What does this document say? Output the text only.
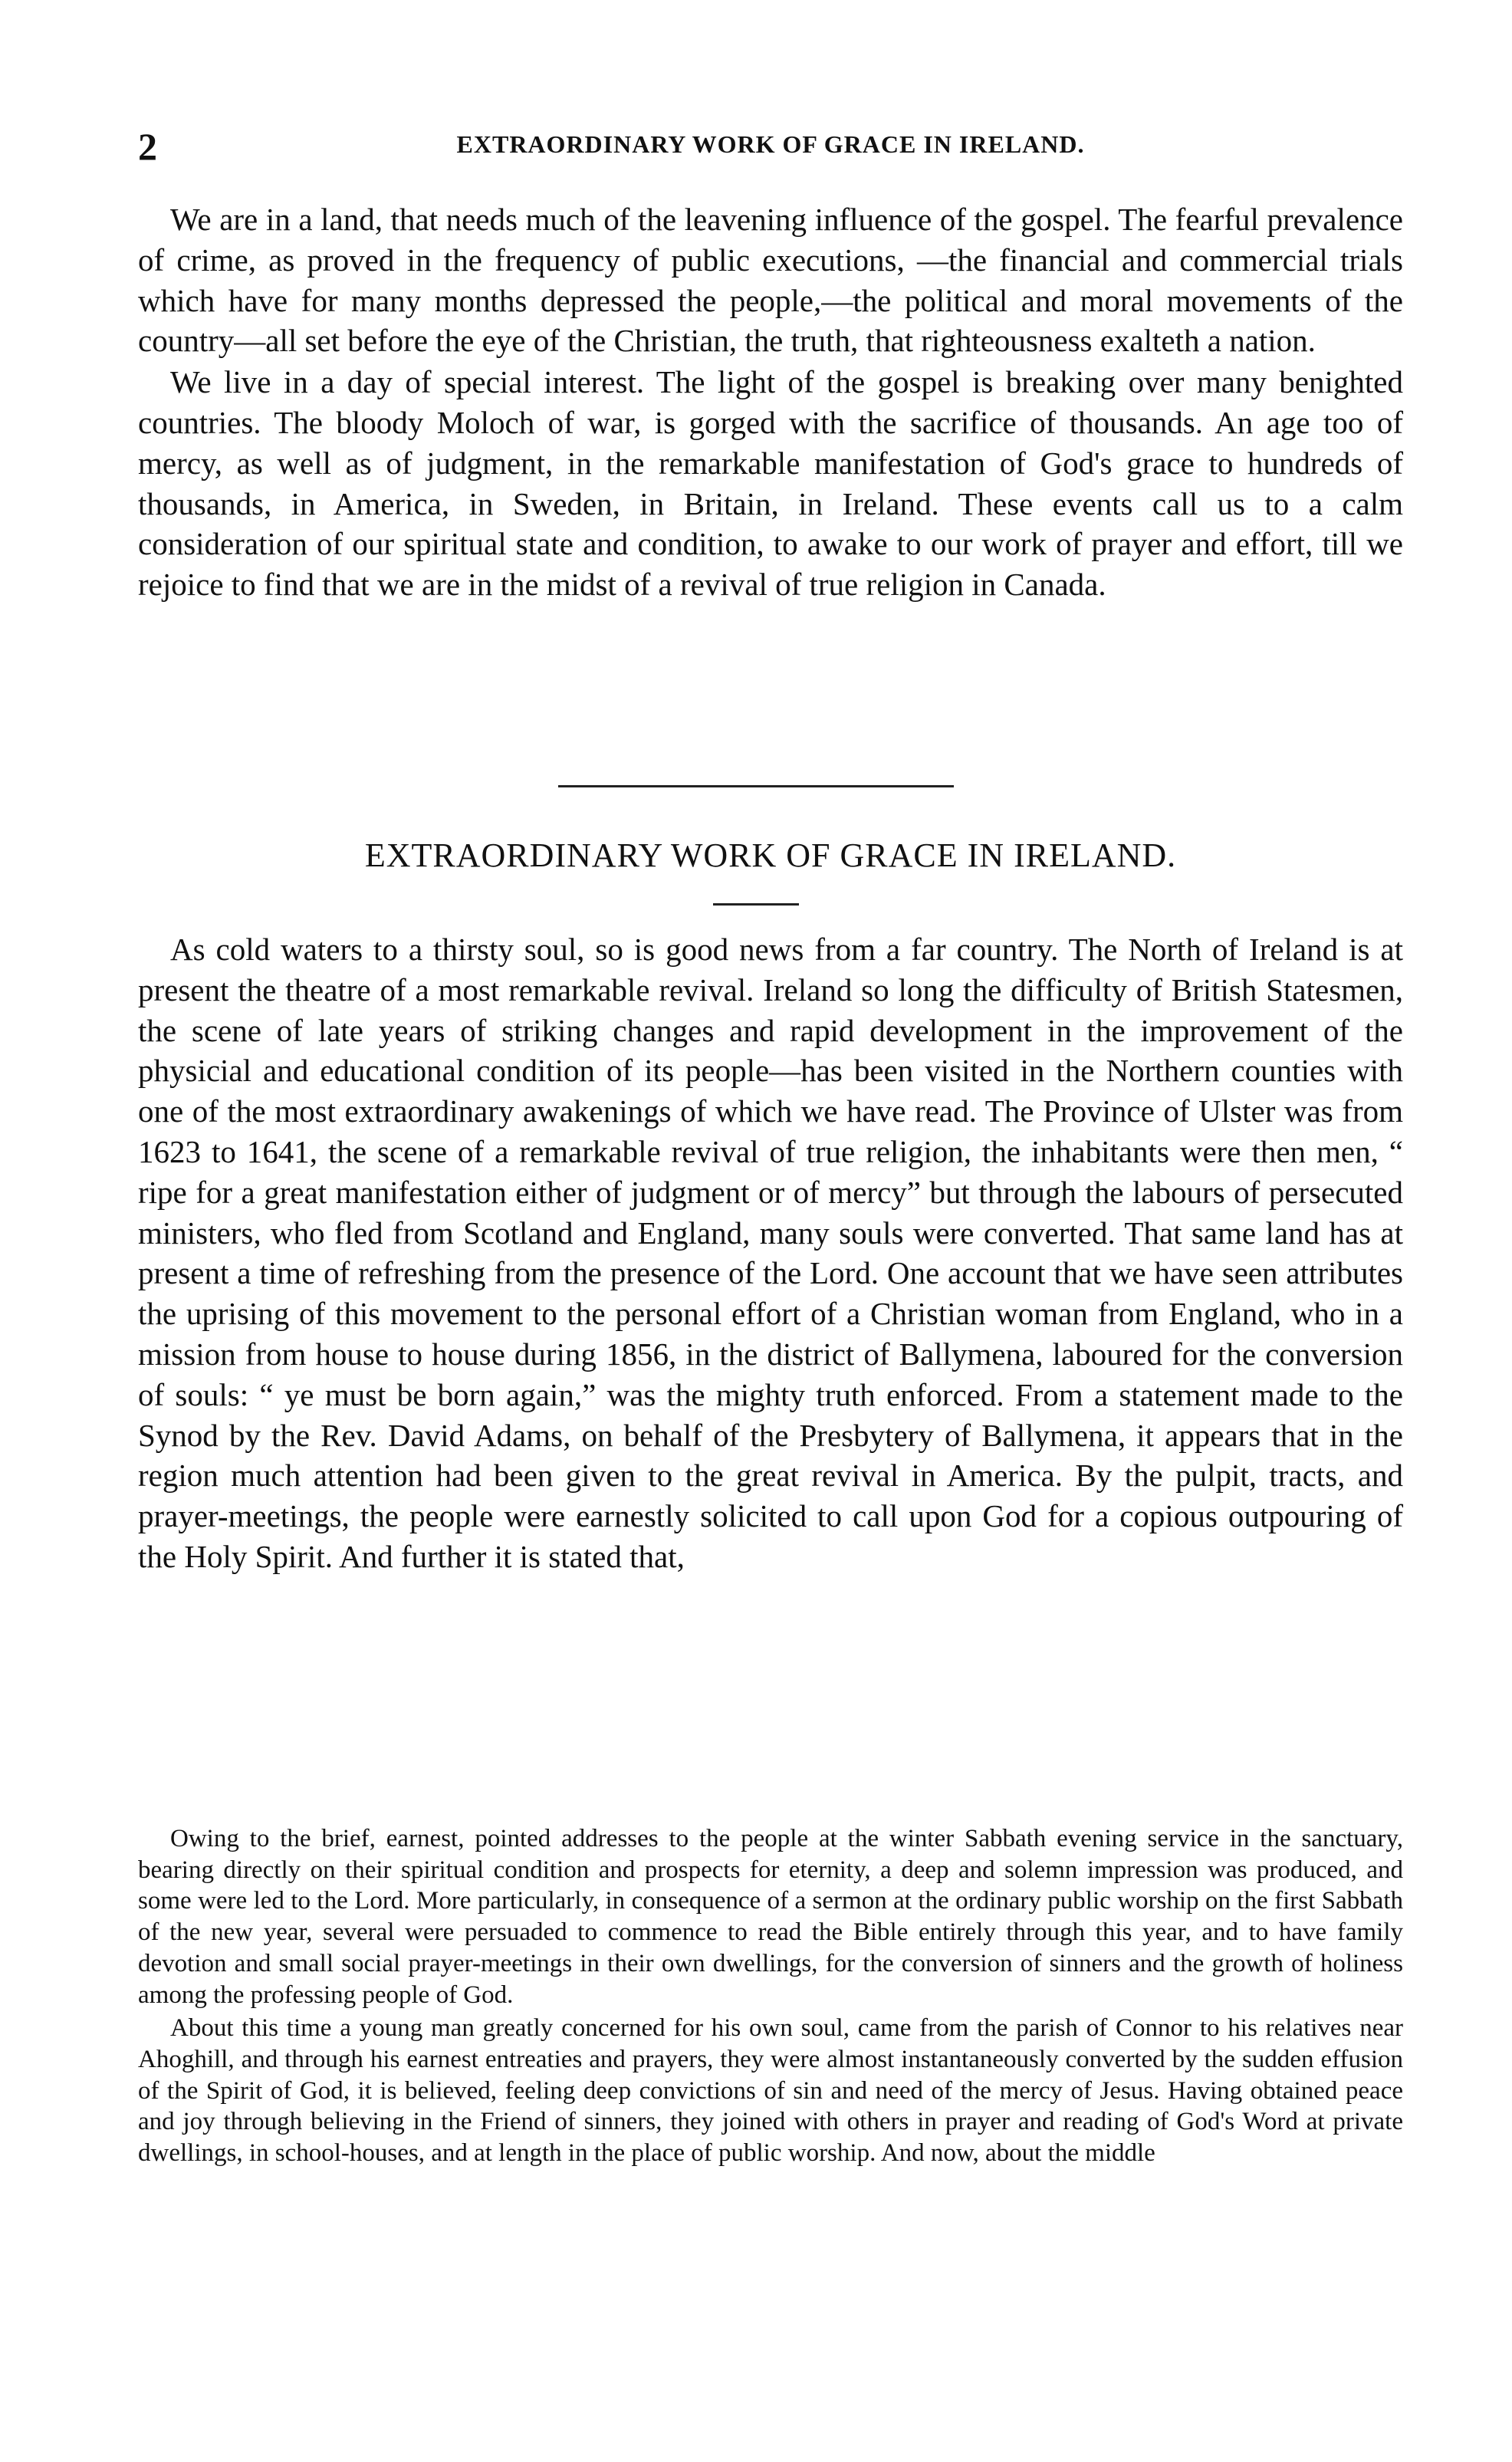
2	EXTRAORDINARY WORK OF GRACE IN IRELAND.

We are in a land, that needs much of the leavening influence of the gospel. The fearful prevalence of crime, as proved in the frequency of public executions, —the financial and commercial trials which have for many months depressed the people,—the political and moral movements of the country—all set before the eye of the Christian, the truth, that righteousness exalteth a nation.

We live in a day of special interest. The light of the gospel is breaking over many benighted countries. The bloody Moloch of war, is gorged with the sacrifice of thousands. An age too of mercy, as well as of judgment, in the remarkable manifestation of God's grace to hundreds of thousands, in America, in Sweden, in Britain, in Ireland. These events call us to a calm consideration of our spiritual state and condition, to awake to our work of prayer and effort, till we rejoice to find that we are in the midst of a revival of true religion in Canada.

EXTRAORDINARY WORK OF GRACE IN IRELAND.

As cold waters to a thirsty soul, so is good news from a far country. The North of Ireland is at present the theatre of a most remarkable revival. Ireland so long the difficulty of British Statesmen, the scene of late years of striking changes and rapid development in the improvement of the physicial and educational condition of its people—has been visited in the Northern counties with one of the most extraordinary awakenings of which we have read. The Province of Ulster was from 1623 to 1641, the scene of a remarkable revival of true religion, the inhabitants were then men, “ ripe for a great manifestation either of judgment or of mercy” but through the labours of persecuted ministers, who fled from Scotland and England, many souls were converted. That same land has at present a time of refreshing from the presence of the Lord. One account that we have seen attributes the uprising of this movement to the personal effort of a Christian woman from England, who in a mission from house to house during 1856, in the district of Ballymena, laboured for the conversion of souls: “ ye must be born again,” was the mighty truth enforced. From a statement made to the Synod by the Rev. David Adams, on behalf of the Presbytery of Ballymena, it appears that in the region much attention had been given to the great revival in America. By the pulpit, tracts, and prayer-meetings, the people were earnestly solicited to call upon God for a copious outpouring of the Holy Spirit. And further it is stated that,

Owing to the brief, earnest, pointed addresses to the people at the winter Sabbath evening service in the sanctuary, bearing directly on their spiritual condition and prospects for eternity, a deep and solemn impression was produced, and some were led to the Lord. More particularly, in consequence of a sermon at the ordinary public worship on the first Sabbath of the new year, several were persuaded to commence to read the Bible entirely through this year, and to have family devotion and small social prayer-meetings in their own dwellings, for the conversion of sinners and the growth of holiness among the professing people of God.

About this time a young man greatly concerned for his own soul, came from the parish of Connor to his relatives near Ahoghill, and through his earnest entreaties and prayers, they were almost instantaneously converted by the sudden effusion of the Spirit of God, it is believed, feeling deep convictions of sin and need of the mercy of Jesus. Having obtained peace and joy through believing in the Friend of sinners, they joined with others in prayer and reading of God's Word at private dwellings, in school-houses, and at length in the place of public worship. And now, about the middle
